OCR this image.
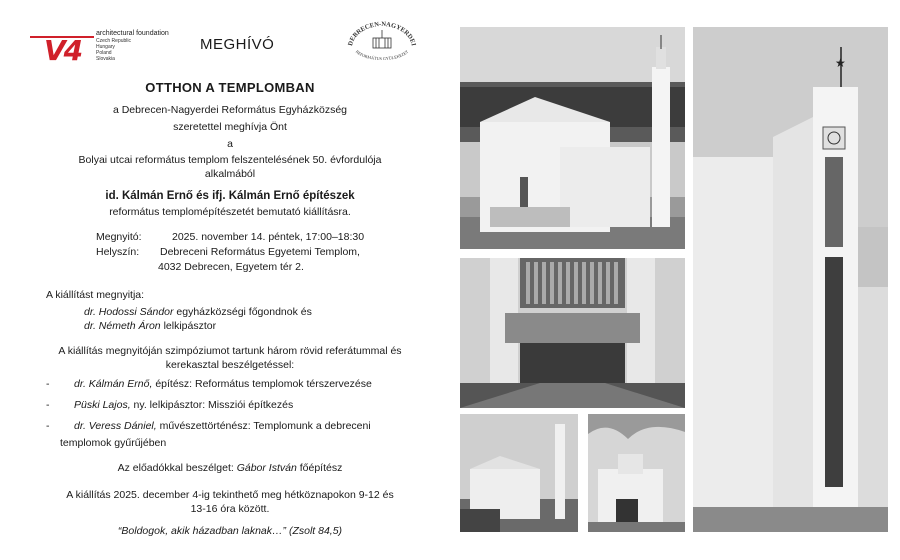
V4
architectural foundation
Czech Republic
Hungary
Poland
Slovakia
MEGHÍVÓ	DEBRECEN-NAGYERDEI
REFORMÁTUS GYÜLEKEZET
OTTHON A TEMPLOMBAN
a Debrecen-Nagyerdei Református Egyházközség
szeretettel meghívja Önt
a
Bolyai utcai református templom felszentelésének 50. évfordulója
alkalmából
id. Kálmán Ernő és ifj. Kálmán Ernő építészek
református templomépítészetét bemutató kiállításra.
Megnyitó:	2025. november 14. péntek, 17:00–18:30
Helyszín: Debreceni Református Egyetemi Templom,
4032 Debrecen, Egyetem tér 2.
A kiállítást megnyitja:
dr. Hodossi Sándor egyházközségi főgondnok és
dr. Németh Áron lelkipásztor
A kiállítás megnyitóján szimpóziumot tartunk három rövid referátummal és
kerekasztal beszélgetéssel:
- dr. Kálmán Ernő, építész: Református templomok térszervezése
- Püski Lajos, ny. lelkipásztor: Missziói építkezés
- dr. Veress Dániel, művészettörténész: Templomunk a debreceni
templomok gyűrűjében
Az előadókkal beszélget: Gábor István főépítész
A kiállítás 2025. december 4-ig tekinthető meg hétköznapokon 9-12 és
13-16 óra között.
“Boldogok, akik házadban laknak…” (Zsolt 84,5)
★
